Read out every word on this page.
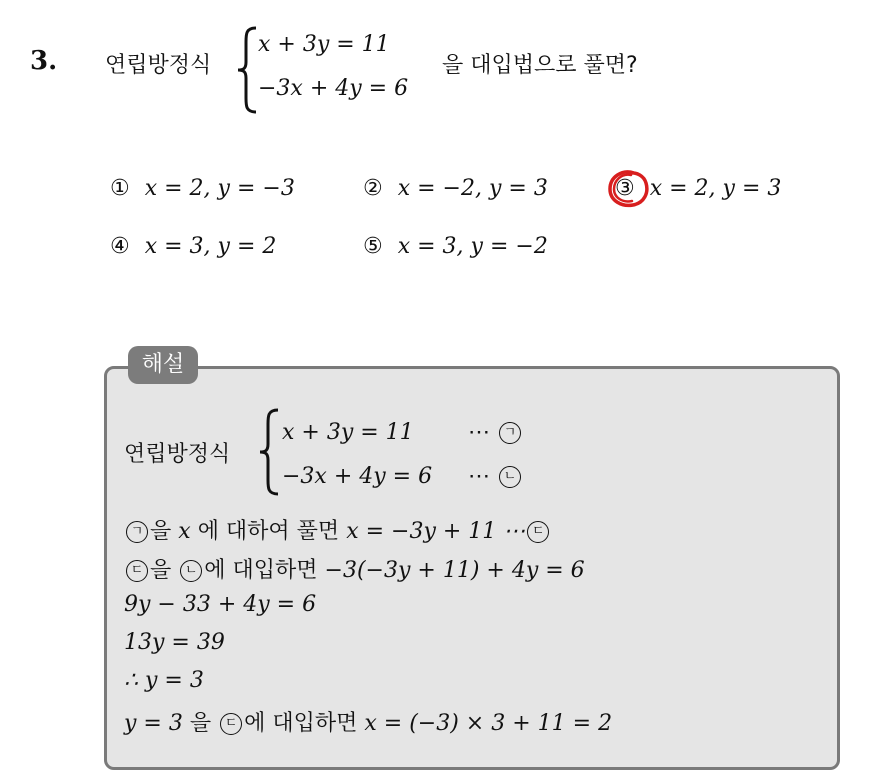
3. 연립방정식
x + 3y = 11
−3x + 4y = 6
을 대입법으로 풀면?
① x = 2, y = −3	② x = −2, y = 3	③ x = 2, y = 3
④ x = 3, y = 2	⑤ x = 3, y = −2
해설
연립방정식
x + 3y = 11 ⋯ ㄱ
−3x + 4y = 6 ⋯ ㄴ
ㄱ 을 x 에 대하여 풀면 x = −3y + 11 ⋯ ㄷ
ㄷ 을 ㄴ 에 대입하면 −3(−3y + 11) + 4y = 6
9y − 33 + 4y = 6
13y = 39
∴ y = 3
y = 3 을 ㄷ 에 대입하면 x = (−3) × 3 + 11 = 2
